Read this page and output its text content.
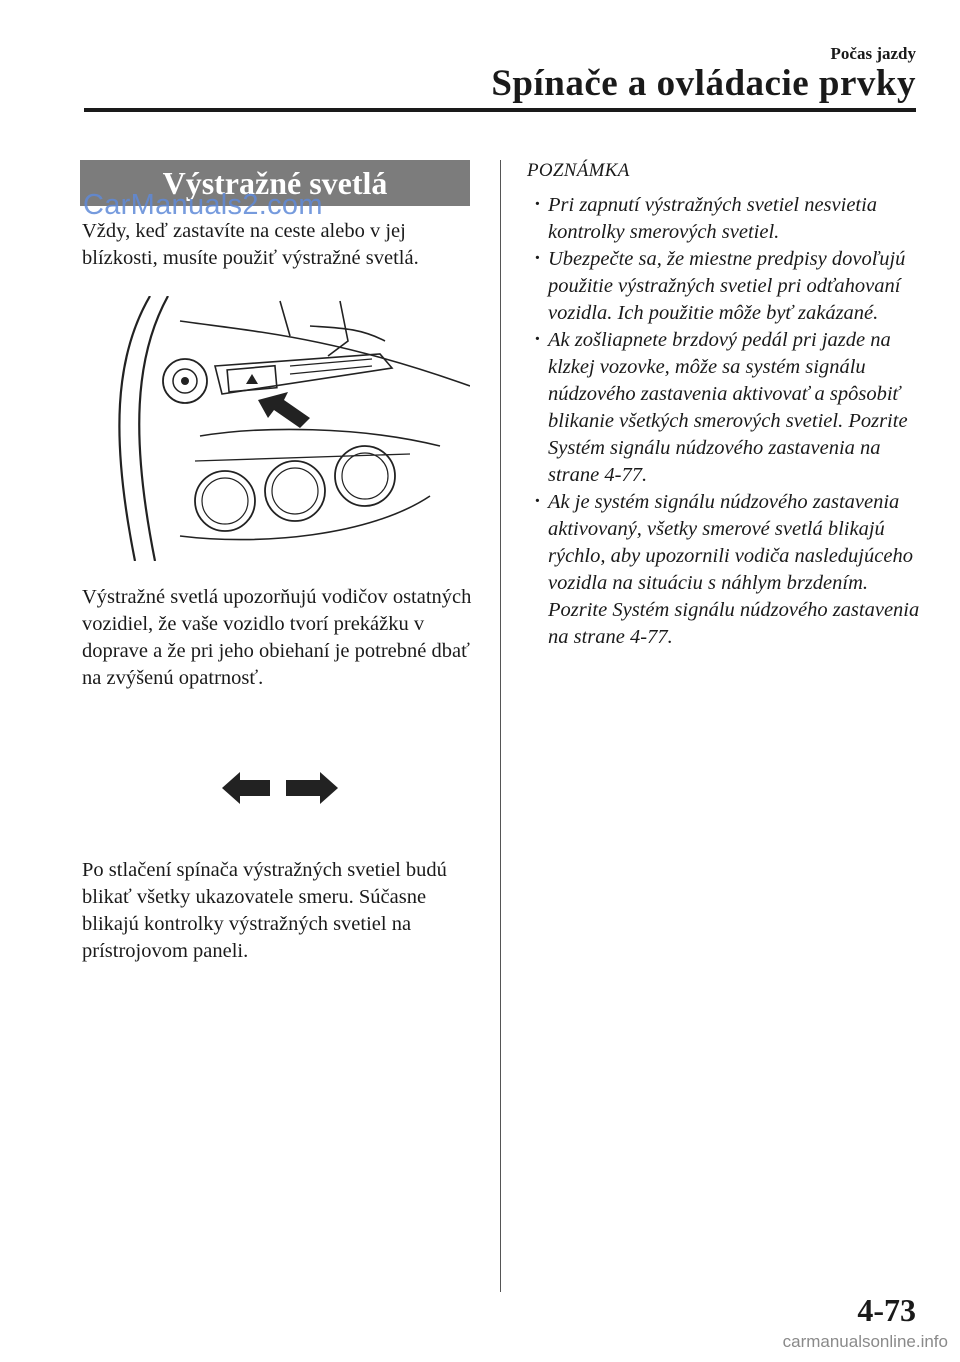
Počas jazdy
Spínače a ovládacie prvky
Výstražné svetlá
CarManuals2.com

Vždy, keď zastavíte na ceste alebo v jej blízkosti, musíte použiť výstražné svetlá.

Výstražné svetlá upozorňujú vodičov ostatných vozidiel, že vaše vozidlo tvorí prekážku v doprave a že pri jeho obiehaní je potrebné dbať na zvýšenú opatrnosť.

Po stlačení spínača výstražných svetiel budú blikať všetky ukazovatele smeru. Súčasne blikajú kontrolky výstražných svetiel na prístrojovom paneli.

POZNÁMKA
· Pri zapnutí výstražných svetiel nesvietia kontrolky smerových svetiel.
· Ubezpečte sa, že miestne predpisy dovoľujú použitie výstražných svetiel pri odťahovaní vozidla. Ich použitie môže byť zakázané.
· Ak zošliapnete brzdový pedál pri jazde na klzkej vozovke, môže sa systém signálu núdzového zastavenia aktivovať a spôsobiť blikanie všetkých smerových svetiel. Pozrite Systém signálu núdzového zastavenia na strane 4-77.
· Ak je systém signálu núdzového zastavenia aktivovaný, všetky smerové svetlá blikajú rýchlo, aby upozornili vodiča nasledujúceho vozidla na situáciu s náhlym brzdením. Pozrite Systém signálu núdzového zastavenia na strane 4-77.
4-73
carmanualsonline.info
